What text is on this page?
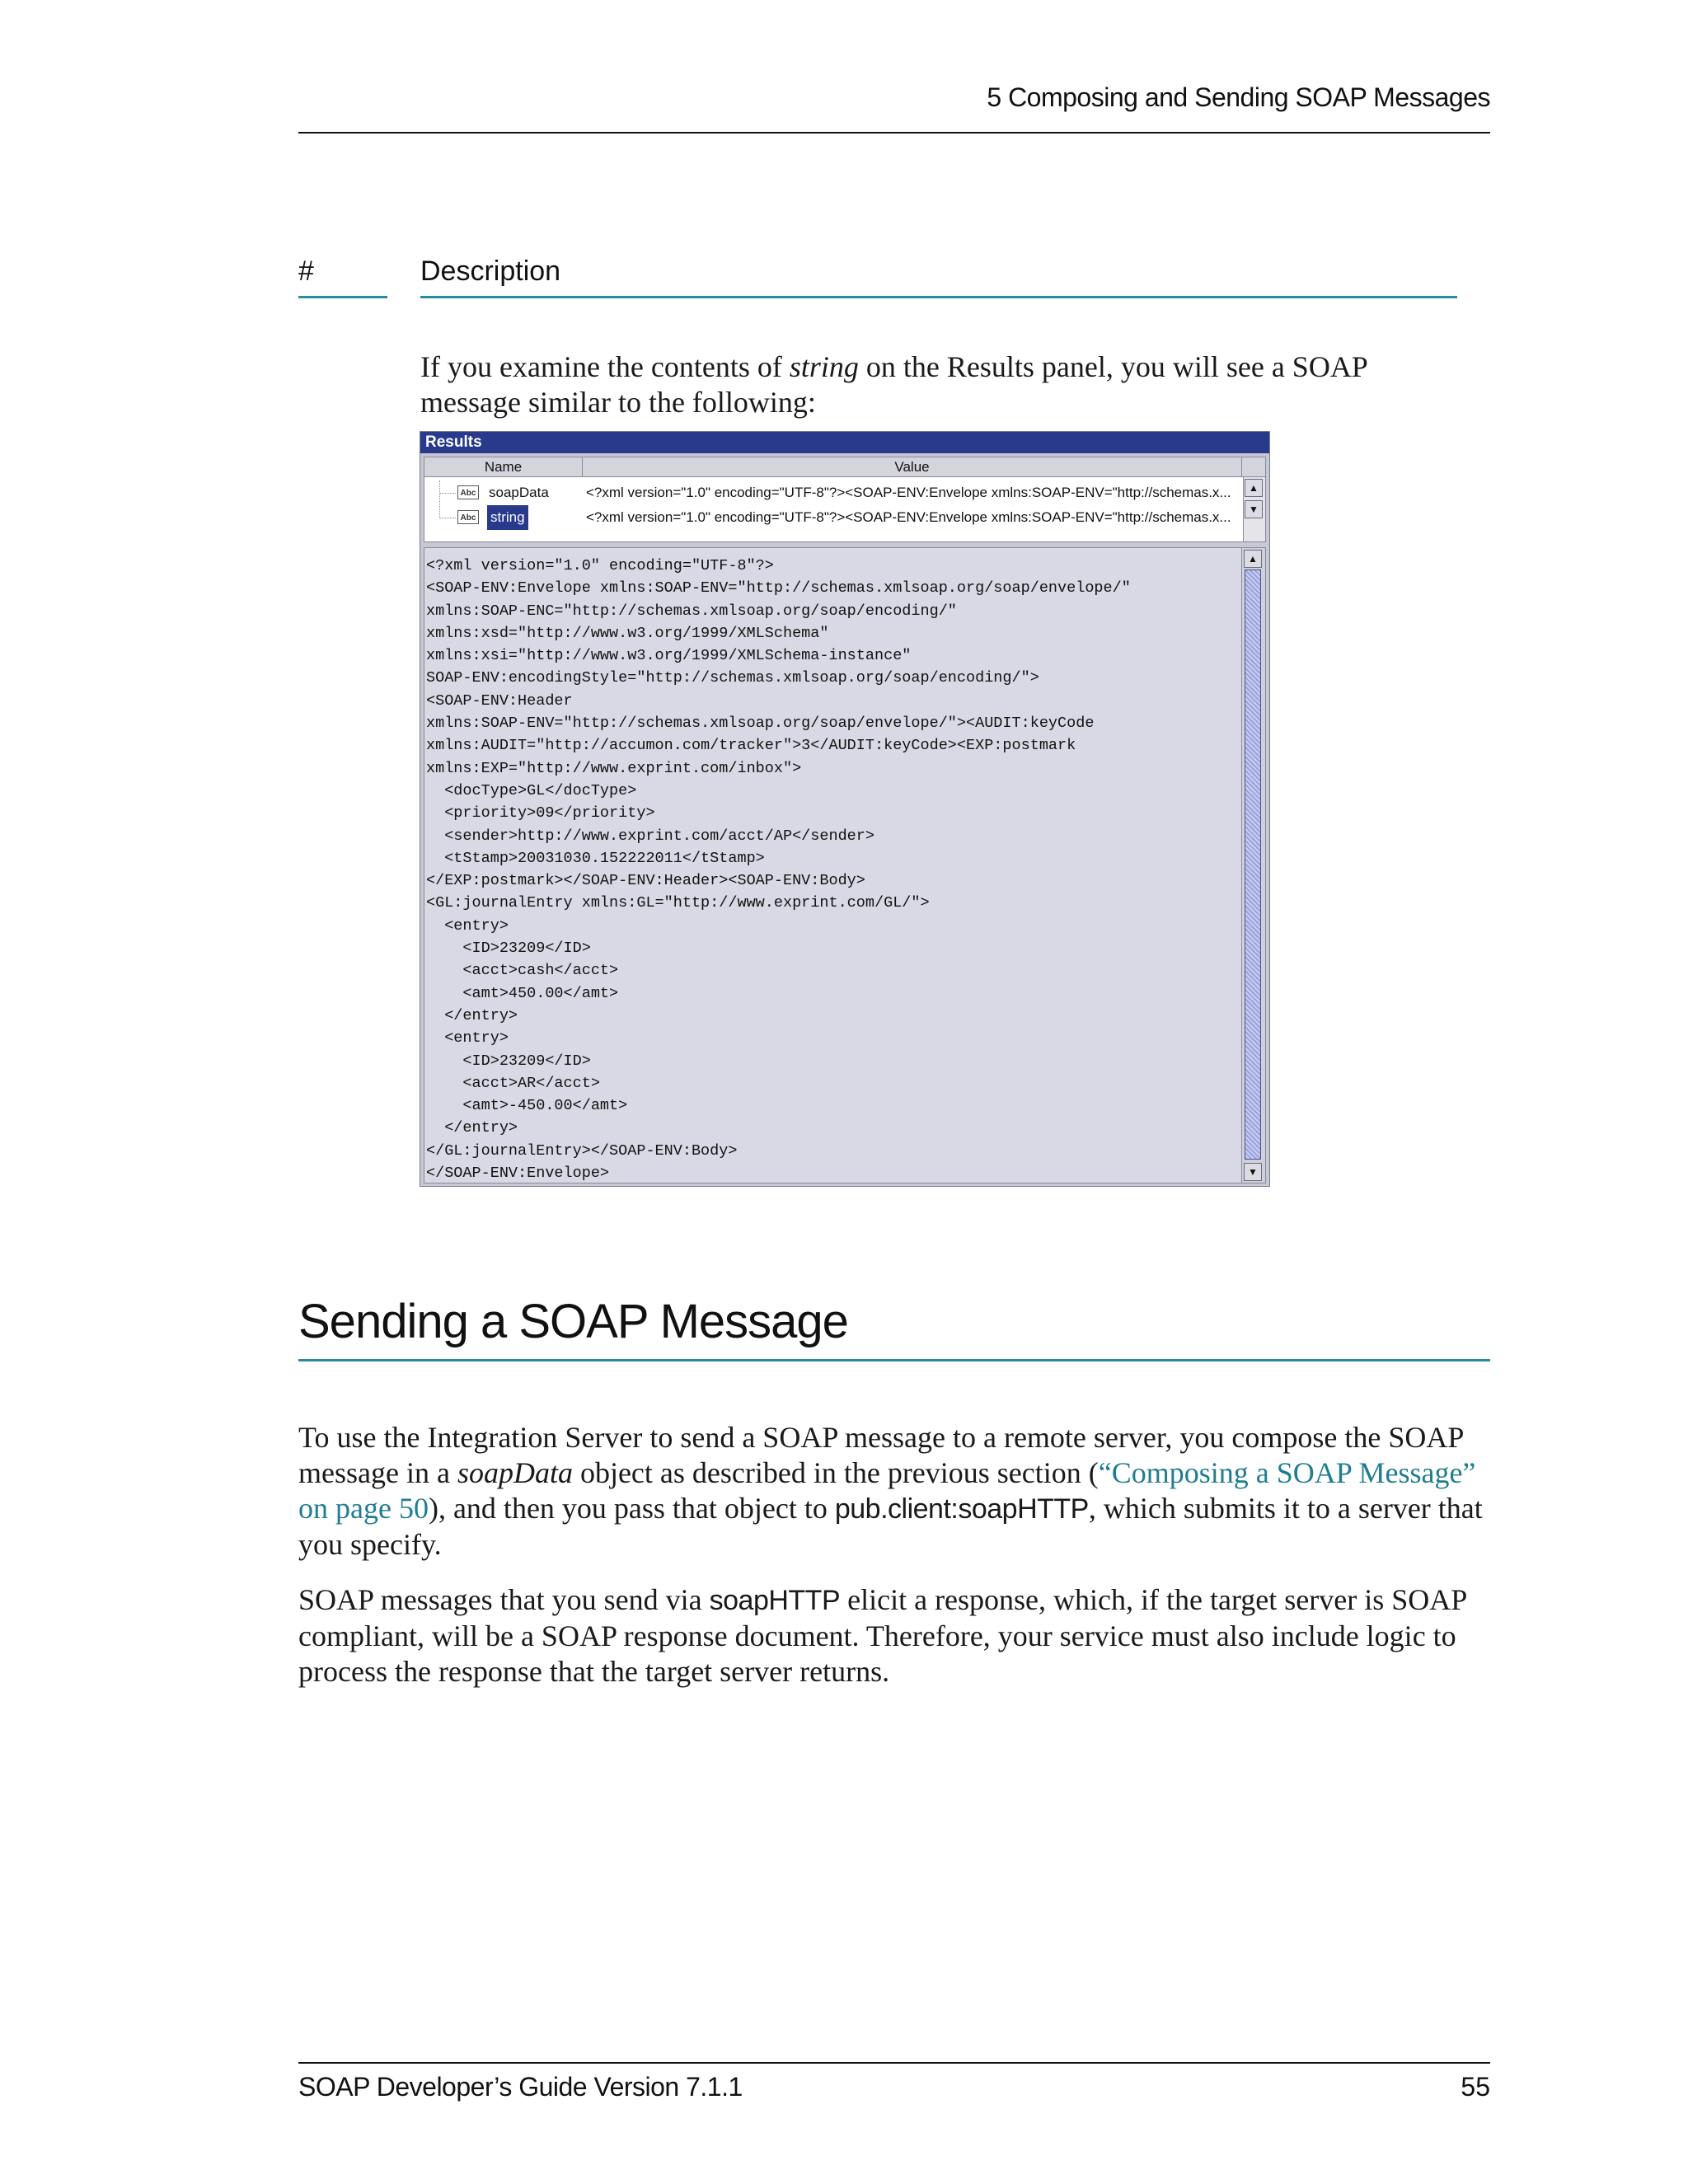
5 Composing and Sending SOAP Messages
#	Description

If you examine the contents of string on the Results panel, you will see a SOAP message similar to the following:

Results
Name	Value
Abc soapData	<?xml version="1.0" encoding="UTF-8"?><SOAP-ENV:Envelope xmlns:SOAP-ENV="http://schemas.x...
Abc string	<?xml version="1.0" encoding="UTF-8"?><SOAP-ENV:Envelope xmlns:SOAP-ENV="http://schemas.x...
▲
▼
<?xml version="1.0" encoding="UTF-8"?>
<SOAP-ENV:Envelope xmlns:SOAP-ENV="http://schemas.xmlsoap.org/soap/envelope/"
xmlns:SOAP-ENC="http://schemas.xmlsoap.org/soap/encoding/"
xmlns:xsd="http://www.w3.org/1999/XMLSchema"
xmlns:xsi="http://www.w3.org/1999/XMLSchema-instance"
SOAP-ENV:encodingStyle="http://schemas.xmlsoap.org/soap/encoding/">
<SOAP-ENV:Header
xmlns:SOAP-ENV="http://schemas.xmlsoap.org/soap/envelope/"><AUDIT:keyCode
xmlns:AUDIT="http://accumon.com/tracker">3</AUDIT:keyCode><EXP:postmark
xmlns:EXP="http://www.exprint.com/inbox">
<docType>GL</docType>
<priority>09</priority>
<sender>http://www.exprint.com/acct/AP</sender>
<tStamp>20031030.152222011</tStamp>
</EXP:postmark></SOAP-ENV:Header><SOAP-ENV:Body>
<GL:journalEntry xmlns:GL="http://www.exprint.com/GL/">
<entry>
<ID>23209</ID>
<acct>cash</acct>
<amt>450.00</amt>
</entry>
<entry>
<ID>23209</ID>
<acct>AR</acct>
<amt>-450.00</amt>
</entry>
</GL:journalEntry></SOAP-ENV:Body>
</SOAP-ENV:Envelope>
▲
▼
Sending a SOAP Message

To use the Integration Server to send a SOAP message to a remote server, you compose the SOAP message in a soapData object as described in the previous section (“Composing a SOAP Message” on page 50), and then you pass that object to pub.client:soapHTTP, which submits it to a server that you specify.

SOAP messages that you send via soapHTTP elicit a response, which, if the target server is SOAP compliant, will be a SOAP response document. Therefore, your service must also include logic to process the response that the target server returns.

SOAP Developer’s Guide Version 7.1.1	55
